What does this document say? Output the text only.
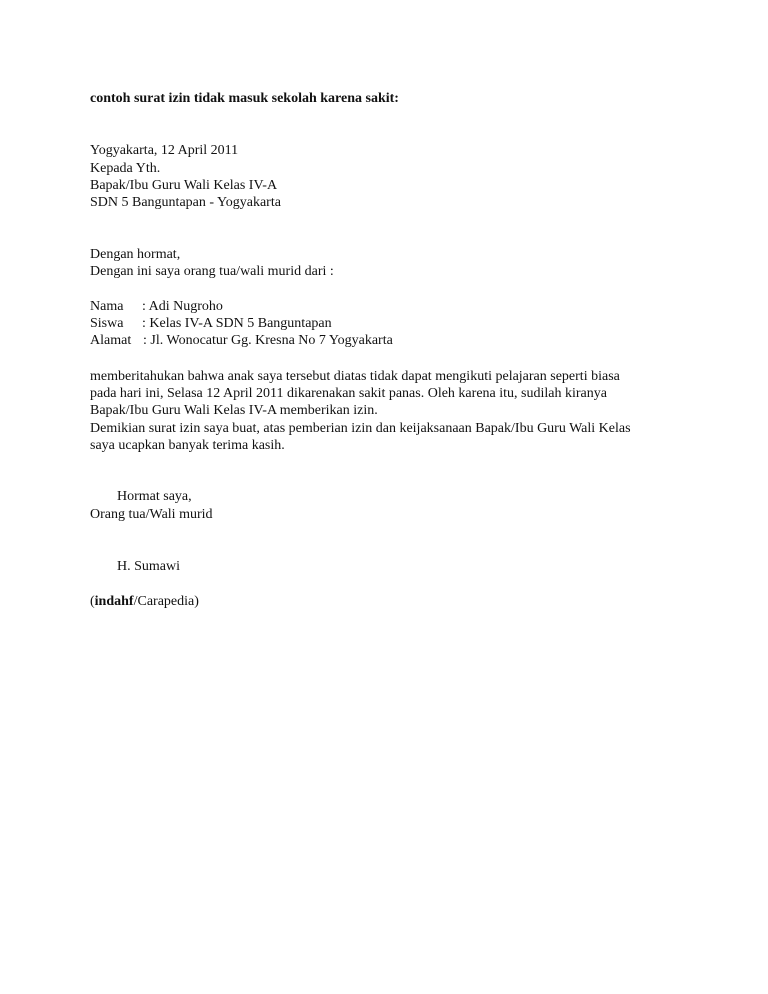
contoh surat izin tidak masuk sekolah karena sakit:
Yogyakarta, 12 April 2011
Kepada Yth.
Bapak/Ibu Guru Wali Kelas IV-A
SDN 5 Banguntapan - Yogyakarta
Dengan hormat,
Dengan ini saya orang tua/wali murid dari :
Nama : Adi Nugroho
Siswa : Kelas IV-A SDN 5 Banguntapan
Alamat : Jl. Wonocatur Gg. Kresna No 7 Yogyakarta
memberitahukan bahwa anak saya tersebut diatas tidak dapat mengikuti pelajaran seperti biasa
pada hari ini, Selasa 12 April 2011 dikarenakan sakit panas. Oleh karena itu, sudilah kiranya
Bapak/Ibu Guru Wali Kelas IV-A memberikan izin.
Demikian surat izin saya buat, atas pemberian izin dan keijaksanaan Bapak/Ibu Guru Wali Kelas
saya ucapkan banyak terima kasih.
Hormat saya,
Orang tua/Wali murid
H. Sumawi
(indahf/Carapedia)
